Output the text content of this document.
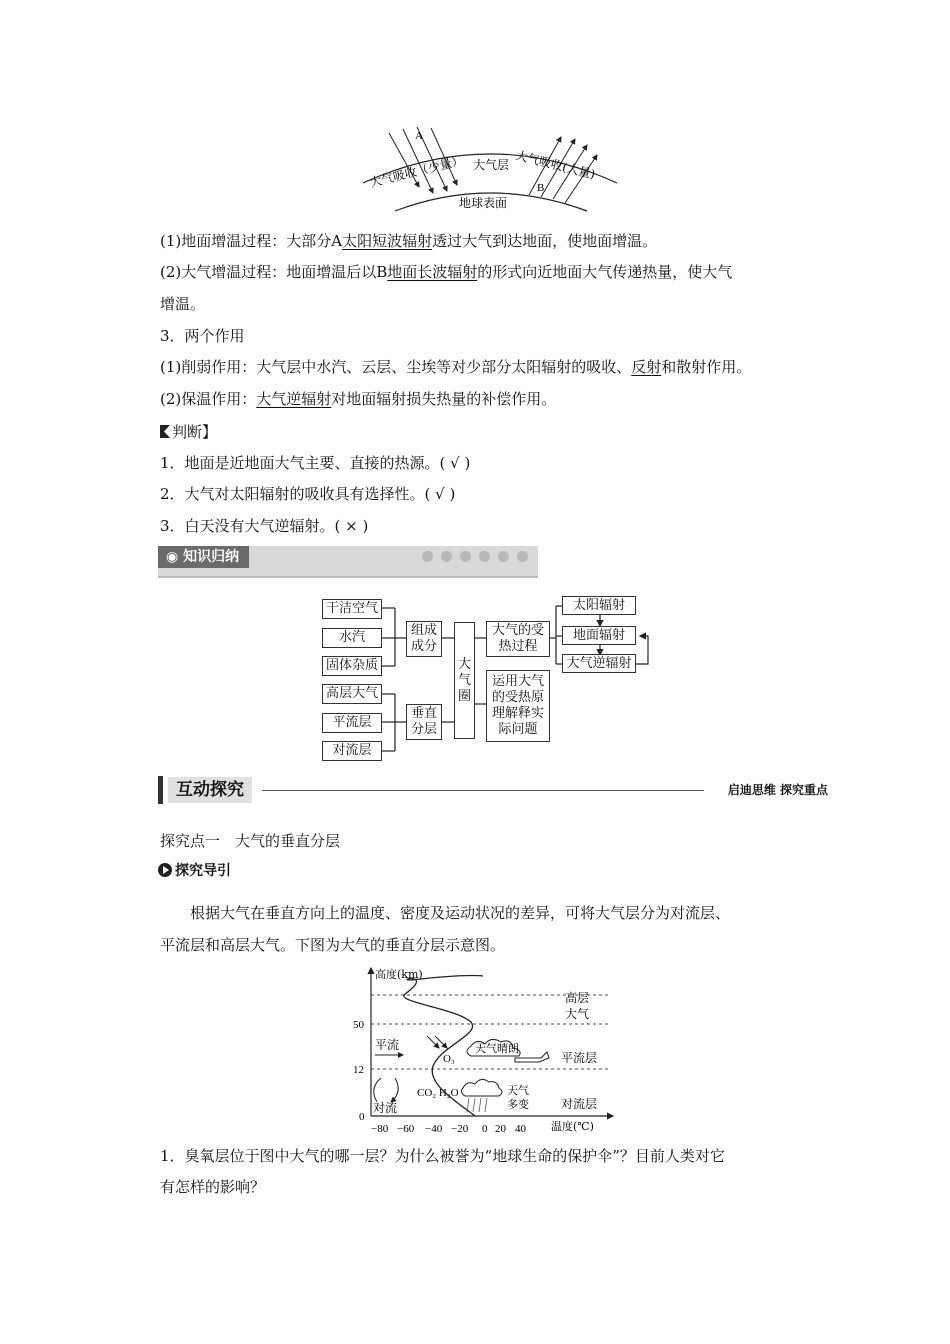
A
B
大气吸收（少量） 大气层 大气吸收(大量)
地球表面
(1)地面增温过程：大部分A太阳短波辐射透过大气到达地面，使地面增温。
(2)大气增温过程：地面增温后以B地面长波辐射的形式向近地面大气传递热量，使大气
增温。
3．两个作用
(1)削弱作用：大气层中水汽、云层、尘埃等对少部分太阳辐射的吸收、反射和散射作用。
(2)保温作用：大气逆辐射对地面辐射损失热量的补偿作用。
判断】
1．地面是近地面大气主要、直接的热源。( √ )
2．大气对太阳辐射的吸收具有选择性。( √ )
3．白天没有大气逆辐射。( × )
◉ 知识归纳
干洁空气
水汽
固体杂质
高层大气
平流层
对流层
组成成分
垂直分层
大气圈
大气的受热过程
运用大气的受热原理解释实际问题
太阳辐射
地面辐射
大气逆辐射
互动探究	启迪思维 探究重点
探究点一　大气的垂直分层
探究导引
根据大气在垂直方向上的温度、密度及运动状况的差异，可将大气层分为对流层、
平流层和高层大气。下图为大气的垂直分层示意图。
高度(km)
50
12
0
−80 −60 −40 −20 0 20 40 温度(℃)
高层
大气
平流层
对流层
平流
O₃
天气晴朗
CO₂ H₂O	天气
多变
对流
1．臭氧层位于图中大气的哪一层？为什么被誉为“地球生命的保护伞”？目前人类对它
有怎样的影响？
